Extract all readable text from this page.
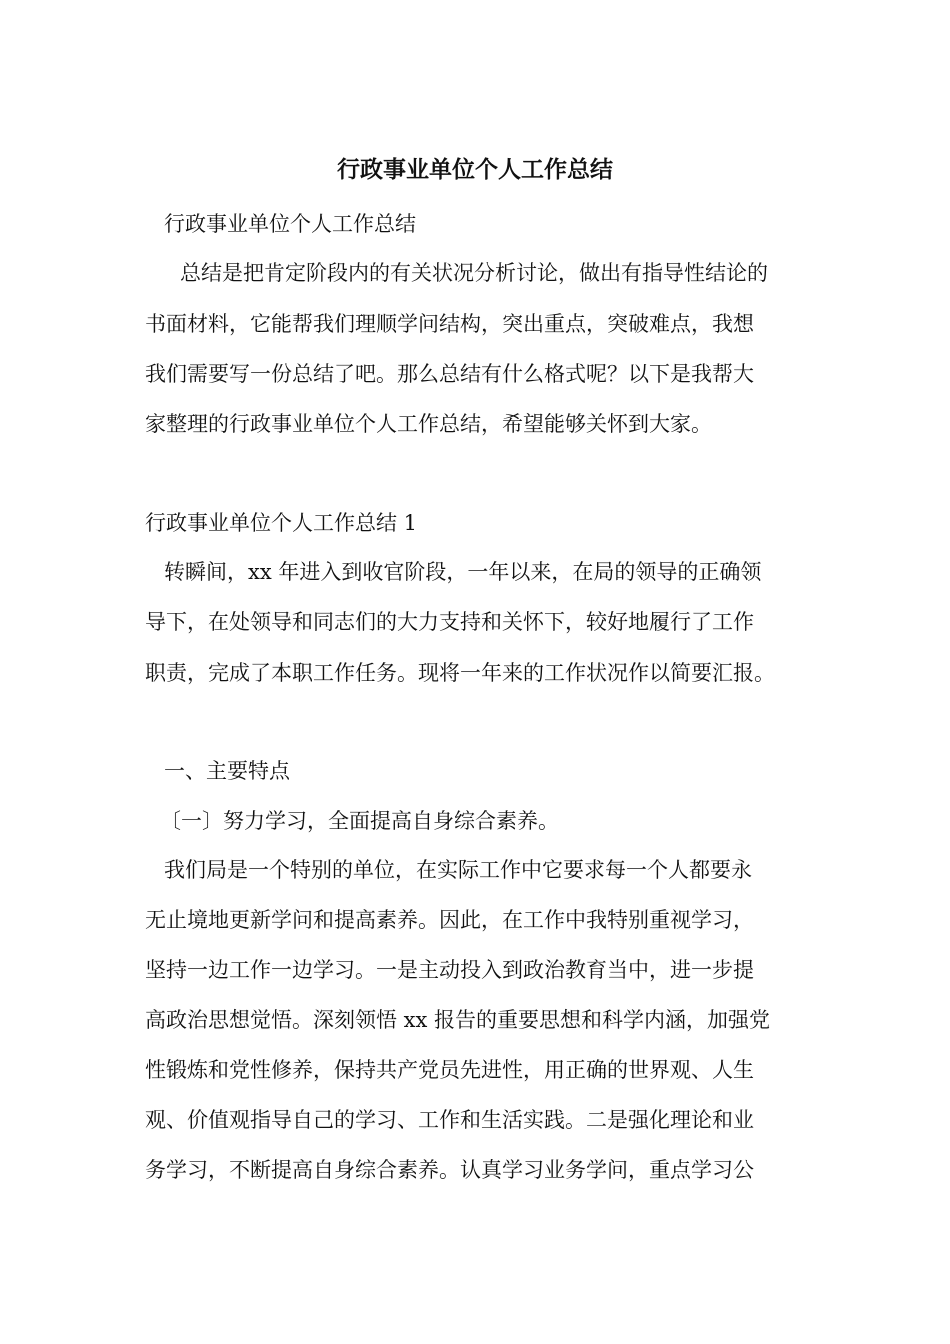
行政事业单位个人工作总结
行政事业单位个人工作总结
总结是把肯定阶段内的有关状况分析讨论，做出有指导性结论的
书面材料，它能帮我们理顺学问结构，突出重点，突破难点，我想
我们需要写一份总结了吧。那么总结有什么格式呢？以下是我帮大
家整理的行政事业单位个人工作总结，希望能够关怀到大家。
行政事业单位个人工作总结 1
转瞬间，xx 年进入到收官阶段，一年以来，在局的领导的正确领
导下，在处领导和同志们的大力支持和关怀下，较好地履行了工作
职责，完成了本职工作任务。现将一年来的工作状况作以简要汇报。
一、主要特点
〔一〕努力学习，全面提高自身综合素养。
我们局是一个特别的单位，在实际工作中它要求每一个人都要永
无止境地更新学问和提高素养。因此，在工作中我特别重视学习，
坚持一边工作一边学习。一是主动投入到政治教育当中，进一步提
高政治思想觉悟。深刻领悟 xx 报告的重要思想和科学内涵，加强党
性锻炼和党性修养，保持共产党员先进性，用正确的世界观、人生
观、价值观指导自己的学习、工作和生活实践。二是强化理论和业
务学习，不断提高自身综合素养。认真学习业务学问，重点学习公
